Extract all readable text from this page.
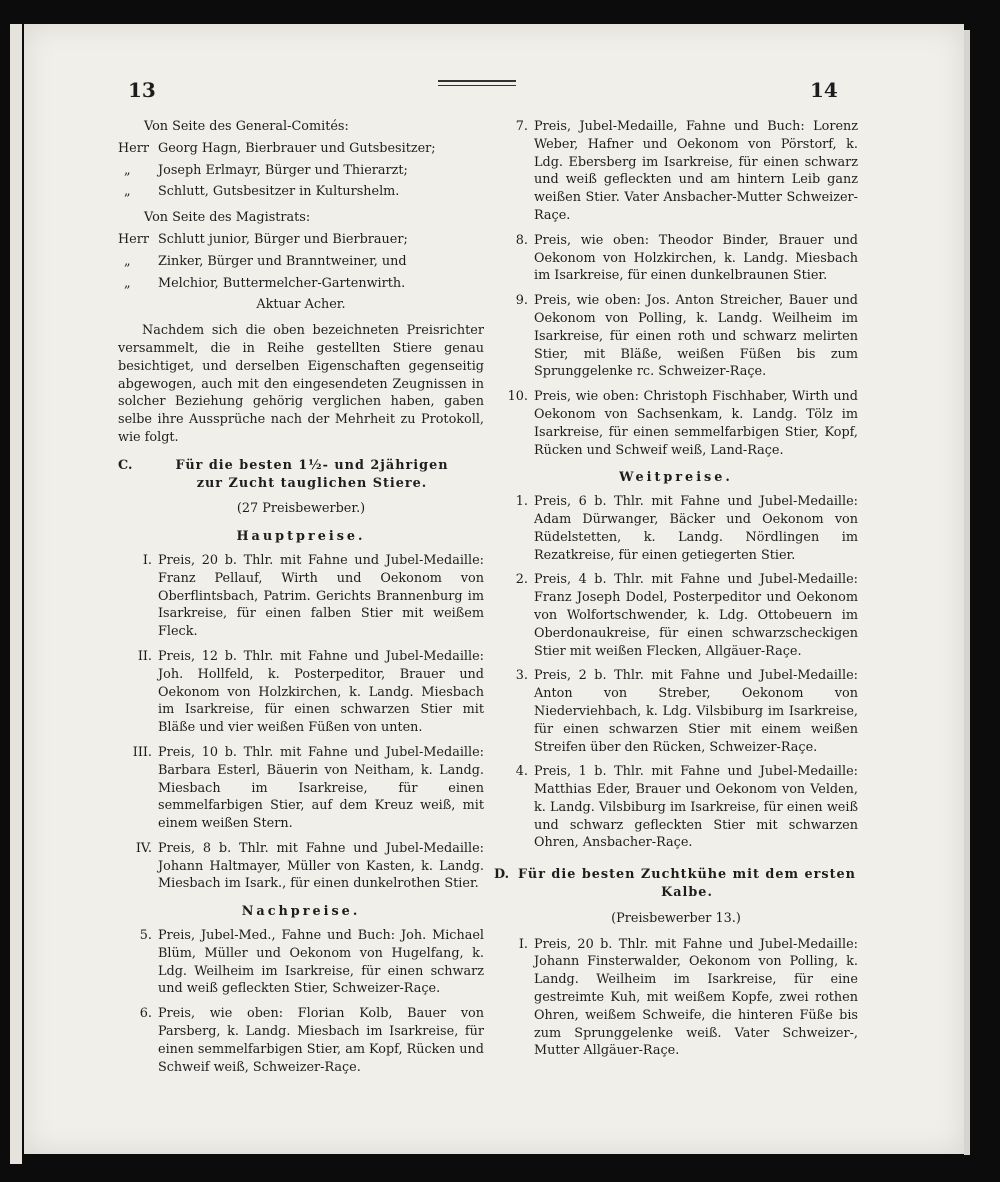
13	14

Von Seite des General-Comités:

Herr Georg Hagn, Bierbrauer und Gutsbesitzer;
„	Joseph Erlmayr, Bürger und Thierarzt;
„	Schlutt, Gutsbesitzer in Kulturshelm.

Von Seite des Magistrats:

Herr Schlutt junior, Bürger und Bierbrauer;
„	Zinker, Bürger und Branntweiner, und
„	Melchior, Buttermelcher-Gartenwirth.

Aktuar Acher.

Nachdem sich die oben bezeichneten Preisrichter versammelt, die in Reihe gestellten Stiere genau besichtiget, und derselben Eigenschaften gegenseitig abgewogen, auch mit den eingesendeten Zeugnissen in solcher Beziehung gehörig verglichen haben, gaben selbe ihre Aussprüche nach der Mehrheit zu Protokoll, wie folgt.

C.	Für die besten 1½- und 2jährigen
zur Zucht tauglichen Stiere.

(27 Preisbewerber.)

Hauptpreise.

I. Preis, 20 b. Thlr. mit Fahne und Jubel-Medaille: Franz Pellauf, Wirth und Oekonom von Oberflintsbach, Patrim. Gerichts Brannenburg im Isarkreise, für einen falben Stier mit weißem Fleck.
II. Preis, 12 b. Thlr. mit Fahne und Jubel-Medaille: Joh. Hollfeld, k. Posterpeditor, Brauer und Oekonom von Holzkirchen, k. Landg. Miesbach im Isarkreise, für einen schwarzen Stier mit Bläße und vier weißen Füßen von unten.
III. Preis, 10 b. Thlr. mit Fahne und Jubel-Medaille: Barbara Esterl, Bäuerin von Neitham, k. Landg. Miesbach im Isarkreise, für einen semmelfarbigen Stier, auf dem Kreuz weiß, mit einem weißen Stern.
IV. Preis, 8 b. Thlr. mit Fahne und Jubel-Medaille: Johann Haltmayer, Müller von Kasten, k. Landg. Miesbach im Isark., für einen dunkelrothen Stier.

Nachpreise.

5. Preis, Jubel-Med., Fahne und Buch: Joh. Michael Blüm, Müller und Oekonom von Hugelfang, k. Ldg. Weilheim im Isarkreise, für einen schwarz und weiß gefleckten Stier, Schweizer-Raçe.
6. Preis, wie oben: Florian Kolb, Bauer von Parsberg, k. Landg. Miesbach im Isarkreise, für einen semmelfarbigen Stier, am Kopf, Rücken und Schweif weiß, Schweizer-Raçe.
7. Preis, Jubel-Medaille, Fahne und Buch: Lorenz Weber, Hafner und Oekonom von Pörstorf, k. Ldg. Ebersberg im Isarkreise, für einen schwarz und weiß gefleckten und am hintern Leib ganz weißen Stier. Vater Ansbacher-Mutter Schweizer-Raçe.
8. Preis, wie oben: Theodor Binder, Brauer und Oekonom von Holzkirchen, k. Landg. Miesbach im Isarkreise, für einen dunkelbraunen Stier.
9. Preis, wie oben: Jos. Anton Streicher, Bauer und Oekonom von Polling, k. Landg. Weilheim im Isarkreise, für einen roth und schwarz melirten Stier, mit Bläße, weißen Füßen bis zum Sprunggelenke rc. Schweizer-Raçe.
10. Preis, wie oben: Christoph Fischhaber, Wirth und Oekonom von Sachsenkam, k. Landg. Tölz im Isarkreise, für einen semmelfarbigen Stier, Kopf, Rücken und Schweif weiß, Land-Raçe.

Weitpreise.

1. Preis, 6 b. Thlr. mit Fahne und Jubel-Medaille: Adam Dürwanger, Bäcker und Oekonom von Rüdelstetten, k. Landg. Nördlingen im Rezatkreise, für einen getiegerten Stier.
2. Preis, 4 b. Thlr. mit Fahne und Jubel-Medaille: Franz Joseph Dodel, Posterpeditor und Oekonom von Wolfortschwender, k. Ldg. Ottobeuern im Oberdonaukreise, für einen schwarzscheckigen Stier mit weißen Flecken, Allgäuer-Raçe.
3. Preis, 2 b. Thlr. mit Fahne und Jubel-Medaille: Anton von Streber, Oekonom von Niederviehbach, k. Ldg. Vilsbiburg im Isarkreise, für einen schwarzen Stier mit einem weißen Streifen über den Rücken, Schweizer-Raçe.
4. Preis, 1 b. Thlr. mit Fahne und Jubel-Medaille: Matthias Eder, Brauer und Oekonom von Velden, k. Landg. Vilsbiburg im Isarkreise, für einen weiß und schwarz gefleckten Stier mit schwarzen Ohren, Ansbacher-Raçe.
D. Für die besten Zuchtkühe mit dem ersten
Kalbe.

(Preisbewerber 13.)

I. Preis, 20 b. Thlr. mit Fahne und Jubel-Medaille: Johann Finsterwalder, Oekonom von Polling, k. Landg. Weilheim im Isarkreise, für eine gestreimte Kuh, mit weißem Kopfe, zwei rothen Ohren, weißem Schweife, die hinteren Füße bis zum Sprunggelenke weiß. Vater Schweizer-, Mutter Allgäuer-Raçe.
